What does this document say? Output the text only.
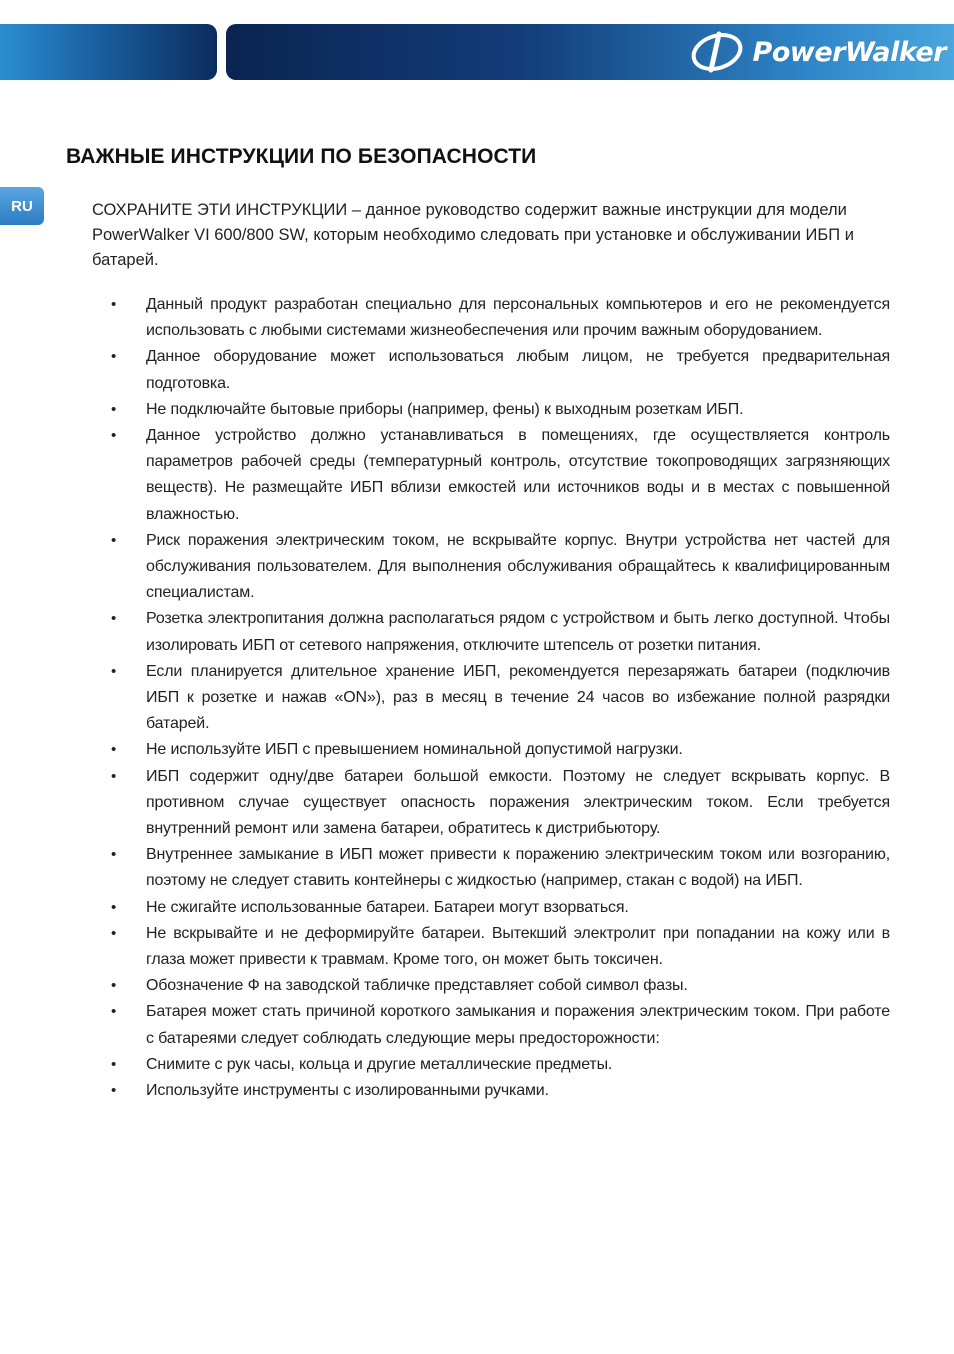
PowerWalker
RU
ВАЖНЫЕ ИНСТРУКЦИИ ПО БЕЗОПАСНОСТИ

СОХРАНИТЕ ЭТИ ИНСТРУКЦИИ – данное руководство содержит важные инструкции для модели PowerWalker VI 600/800 SW, которым необходимо следовать при установке и обслуживании ИБП и батарей.

• Данный продукт разработан специально для персональных компьютеров и его не рекомендуется использовать с любыми системами жизнеобеспечения или прочим важным оборудованием.
• Данное оборудование может использоваться любым лицом, не требуется предварительная подготовка.
• Не подключайте бытовые приборы (например, фены) к выходным розеткам ИБП.
• Данное устройство должно устанавливаться в помещениях, где осуществляется контроль параметров рабочей среды (температурный контроль, отсутствие токопроводящих загрязняющих веществ). Не размещайте ИБП вблизи емкостей или источников воды и в местах с повышенной влажностью.
• Риск поражения электрическим током, не вскрывайте корпус. Внутри устройства нет частей для обслуживания пользователем. Для выполнения обслуживания обращайтесь к квалифицированным специалистам.
• Розетка электропитания должна располагаться рядом с устройством и быть легко доступной. Чтобы изолировать ИБП от сетевого напряжения, отключите штепсель от розетки питания.
• Если планируется длительное хранение ИБП, рекомендуется перезаряжать батареи (подключив ИБП к розетке и нажав «ON»), раз в месяц в течение 24 часов во избежание полной разрядки батарей.
• Не используйте ИБП с превышением номинальной допустимой нагрузки.
• ИБП содержит одну/две батареи большой емкости. Поэтому не следует вскрывать корпус. В противном случае существует опасность поражения электрическим током. Если требуется внутренний ремонт или замена батареи, обратитесь к дистрибьютору.
• Внутреннее замыкание в ИБП может привести к поражению электрическим током или возгоранию, поэтому не следует ставить контейнеры с жидкостью (например, стакан с водой) на ИБП.
• Не сжигайте использованные батареи. Батареи могут взорваться.
• Не вскрывайте и не деформируйте батареи. Вытекший электролит при попадании на кожу или в глаза может привести к травмам. Кроме того, он может быть токсичен.
• Обозначение Ф на заводской табличке представляет собой символ фазы.
• Батарея может стать причиной короткого замыкания и поражения электрическим током. При работе с батареями следует соблюдать следующие меры предосторожности:
• Снимите с рук часы, кольца и другие металлические предметы.
• Используйте инструменты с изолированными ручками.
